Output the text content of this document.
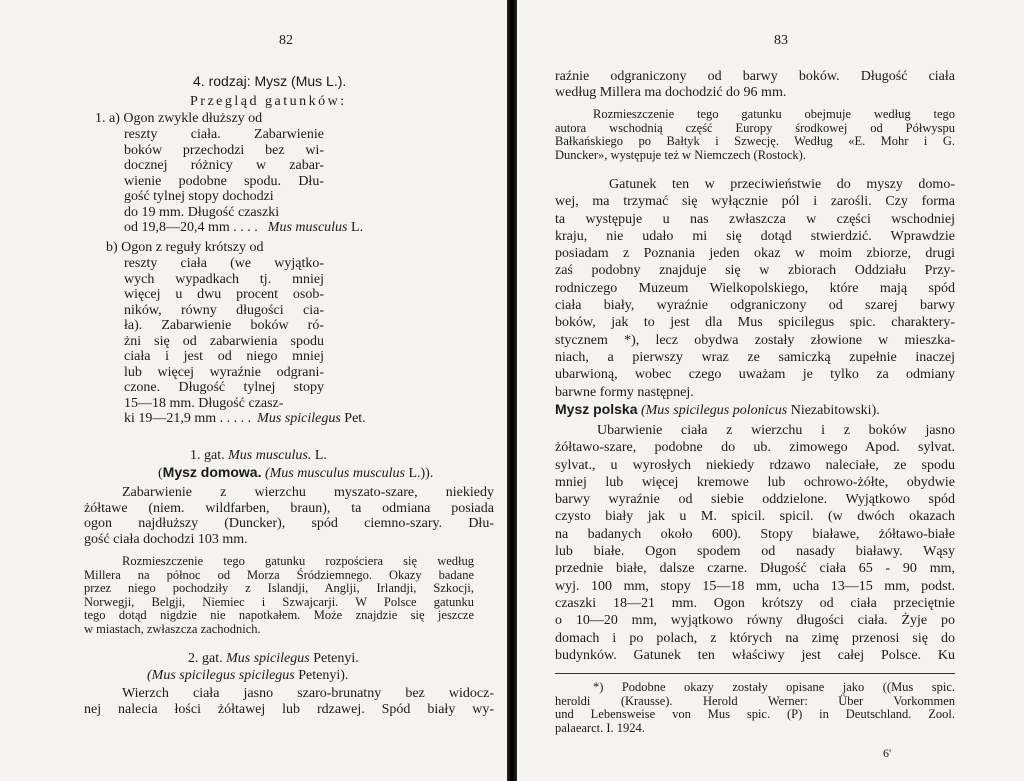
82
4. rodzaj: Mysz (Mus L.).
Przegląd gatunków:
1. a) Ogon zwykle dłuższy od
reszty ciała. Zabarwienie
boków przechodzi bez wi-
docznej różnicy w zabar-
wienie podobne spodu. Dłu-
gość tylnej stopy dochodzi
do 19 mm. Długość czaszki
od 19,8—20,4 mm . . . . Mus musculus L.
b) Ogon z reguły krótszy od
reszty ciała (we wyjątko-
wych wypadkach tj. mniej
więcej u dwu procent osob-
ników, równy długości cia-
ła). Zabarwienie boków ró-
żni się od zabarwienia spodu
ciała i jest od niego mniej
lub więcej wyraźnie odgrani-
czone. Długość tylnej stopy
15—18 mm. Długość czasz-
ki 19—21,9 mm . . . . . Mus spicilegus Pet.
1. gat. Mus musculus. L.
(Mysz domowa. (Mus musculus musculus L.)).
Zabarwienie z wierzchu myszato-szare, niekiedy
żółtawe (niem. wildfarben, braun), ta odmiana posiada
ogon najdłuższy (Duncker), spód ciemno-szary. Dłu-
gość ciała dochodzi 103 mm.
Rozmieszczenie tego gatunku rozpościera się według
Millera na północ od Morza Śródziemnego. Okazy badane
przez niego pochodziły z Islandji, Anglji, Irlandji, Szkocji,
Norwegji, Belgji, Niemiec i Szwajcarji. W Polsce gatunku
tego dotąd nigdzie nie napotkałem. Może znajdzie się jeszcze
w miastach, zwłaszcza zachodnich.
2. gat. Mus spicilegus Petenyi.
(Mus spicilegus spicilegus Petenyi).
Wierzch ciała jasno szaro-brunatny bez widocz-
nej nalecia łości żółtawej lub rdzawej. Spód biały wy-
83
raźnie odgraniczony od barwy boków. Długość ciała
według Millera ma dochodzić do 96 mm.
Rozmieszczenie tego gatunku obejmuje według tego
autora wschodnią część Europy środkowej od Półwyspu
Bałkańskiego po Bałtyk i Szwecję. Według «E. Mohr i G.
Duncker», występuje też w Niemczech (Rostock).
Gatunek ten w przeciwieństwie do myszy domo-
wej, ma trzymać się wyłącznie pól i zarośli. Czy forma
ta występuje u nas zwłaszcza w części wschodniej
kraju, nie udało mi się dotąd stwierdzić. Wprawdzie
posiadam z Poznania jeden okaz w moim zbiorze, drugi
zaś podobny znajduje się w zbiorach Oddziału Przy-
rodniczego Muzeum Wielkopolskiego, które mają spód
ciała biały, wyraźnie odgraniczony od szarej barwy
boków, jak to jest dla Mus spicilegus spic. charaktery-
stycznem *), lecz obydwa zostały złowione w mieszka-
niach, a pierwszy wraz ze samiczką zupełnie inaczej
ubarwioną, wobec czego uważam je tylko za odmiany
barwne formy następnej.
Mysz polska (Mus spicilegus polonicus Niezabitowski).
Ubarwienie ciała z wierzchu i z boków jasno
żółtawo-szare, podobne do ub. zimowego Apod. sylvat.
sylvat., u wyrosłych niekiedy rdzawo naleciałe, ze spodu
mniej lub więcej kremowe lub ochrowo-żółte, obydwie
barwy wyraźnie od siebie oddzielone. Wyjątkowo spód
czysto biały jak u M. spicil. spicil. (w dwóch okazach
na badanych około 600). Stopy białawe, żółtawo-białe
lub białe. Ogon spodem od nasady białawy. Wąsy
przednie białe, dalsze czarne. Długość ciała 65 - 90 mm,
wyj. 100 mm, stopy 15—18 mm, ucha 13—15 mm, podst.
czaszki 18—21 mm. Ogon krótszy od ciała przeciętnie
o 10—20 mm, wyjątkowo równy długości ciała. Żyje po
domach i po polach, z których na zimę przenosi się do
budynków. Gatunek ten właściwy jest całej Polsce. Ku
*) Podobne okazy zostały opisane jako ((Mus spic.
heroldi (Krausse). Herold Werner: Über Vorkommen
und Lebensweise von Mus spic. (P) in Deutschland. Zool.
palaearct. I. 1924.
6'
